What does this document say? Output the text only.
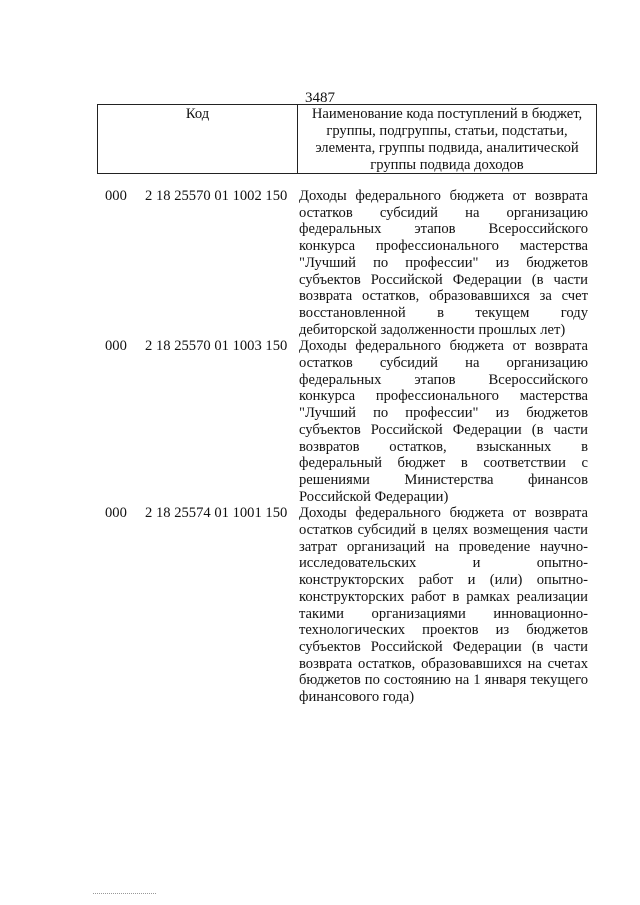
3487
Код	Наименование кода поступлений в бюджет,
группы, подгруппы, статьи, подстатьи,
элемента, группы подвида, аналитической
группы подвида доходов
000	2 18 25570 01 1002 150 Доходы федерального бюджета от возврата
остатков субсидий на организацию
федеральных этапов Всероссийского
конкурса профессионального мастерства
"Лучший по профессии" из бюджетов
субъектов Российской Федерации (в части
возврата остатков, образовавшихся за счет
восстановленной в текущем году
дебиторской задолженности прошлых лет)
000	2 18 25570 01 1003 150 Доходы федерального бюджета от возврата
остатков субсидий на организацию
федеральных этапов Всероссийского
конкурса профессионального мастерства
"Лучший по профессии" из бюджетов
субъектов Российской Федерации (в части
возвратов остатков, взысканных в
федеральный бюджет в соответствии с
решениями Министерства финансов
Российской Федерации)
000	2 18 25574 01 1001 150 Доходы федерального бюджета от возврата
остатков субсидий в целях возмещения части
затрат организаций на проведение научно-
исследовательских и опытно-
конструкторских работ и (или) опытно-
конструкторских работ в рамках реализации
такими организациями инновационно-
технологических проектов из бюджетов
субъектов Российской Федерации (в части
возврата остатков, образовавшихся на счетах
бюджетов по состоянию на 1 января текущего
финансового года)
